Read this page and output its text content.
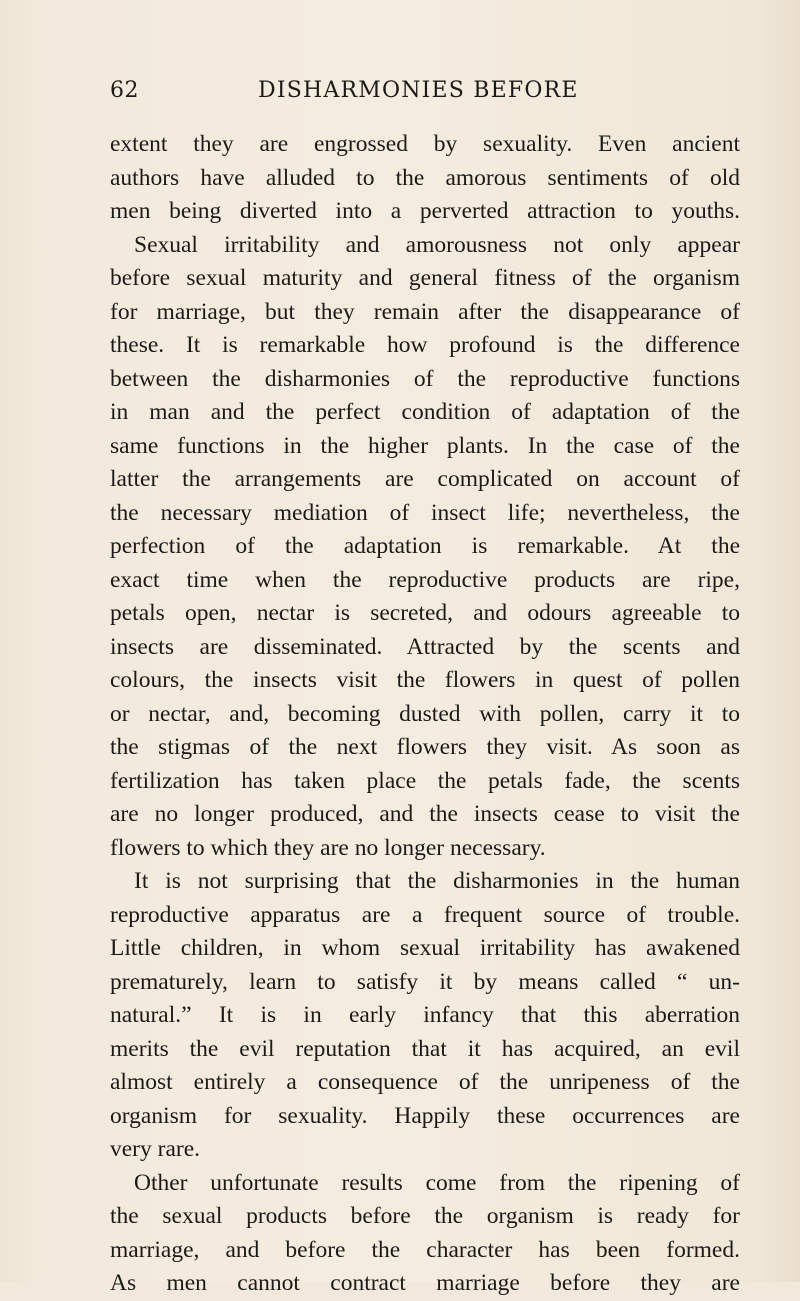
62	DISHARMONIES BEFORE
extent they are engrossed by sexuality. Even ancient
authors have alluded to the amorous sentiments of old
men being diverted into a perverted attraction to youths.
Sexual irritability and amorousness not only appear
before sexual maturity and general fitness of the organism
for marriage, but they remain after the disappearance of
these. It is remarkable how profound is the difference
between the disharmonies of the reproductive functions
in man and the perfect condition of adaptation of the
same functions in the higher plants. In the case of the
latter the arrangements are complicated on account of
the necessary mediation of insect life; nevertheless, the
perfection of the adaptation is remarkable. At the
exact time when the reproductive products are ripe,
petals open, nectar is secreted, and odours agreeable to
insects are disseminated. Attracted by the scents and
colours, the insects visit the flowers in quest of pollen
or nectar, and, becoming dusted with pollen, carry it to
the stigmas of the next flowers they visit. As soon as
fertilization has taken place the petals fade, the scents
are no longer produced, and the insects cease to visit the
flowers to which they are no longer necessary.
It is not surprising that the disharmonies in the human
reproductive apparatus are a frequent source of trouble.
Little children, in whom sexual irritability has awakened
prematurely, learn to satisfy it by means called “ un-
natural.” It is in early infancy that this aberration
merits the evil reputation that it has acquired, an evil
almost entirely a consequence of the unripeness of the
organism for sexuality. Happily these occurrences are
very rare.
Other unfortunate results come from the ripening of
the sexual products before the organism is ready for
marriage, and before the character has been formed.
As men cannot contract marriage before they are
